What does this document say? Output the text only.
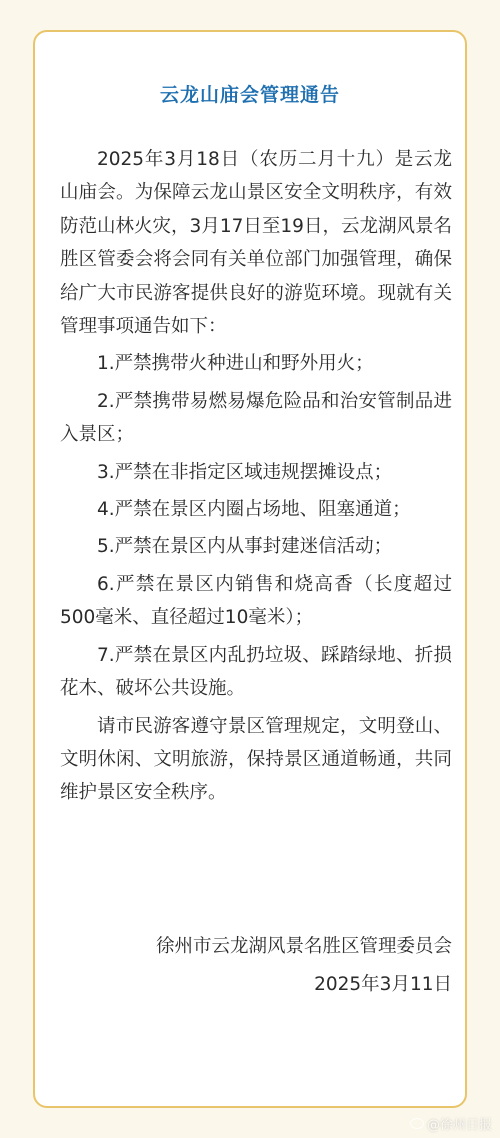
云龙山庙会管理通告

2025年3月18日（农历二月十九）是云龙山庙会。为保障云龙山景区安全文明秩序，有效防范山林火灾，3月17日至19日，云龙湖风景名胜区管委会将会同有关单位部门加强管理，确保给广大市民游客提供良好的游览环境。现就有关管理事项通告如下：

1.严禁携带火种进山和野外用火；

2.严禁携带易燃易爆危险品和治安管制品进入景区；

3.严禁在非指定区域违规摆摊设点；

4.严禁在景区内圈占场地、阻塞通道；

5.严禁在景区内从事封建迷信活动；

6.严禁在景区内销售和烧高香（长度超过500毫米、直径超过10毫米）；

7.严禁在景区内乱扔垃圾、踩踏绿地、折损花木、破坏公共设施。

请市民游客遵守景区管理规定，文明登山、文明休闲、文明旅游，保持景区通道畅通，共同维护景区安全秩序。

徐州市云龙湖风景名胜区管理委员会
2025年3月11日
@徐州日报
